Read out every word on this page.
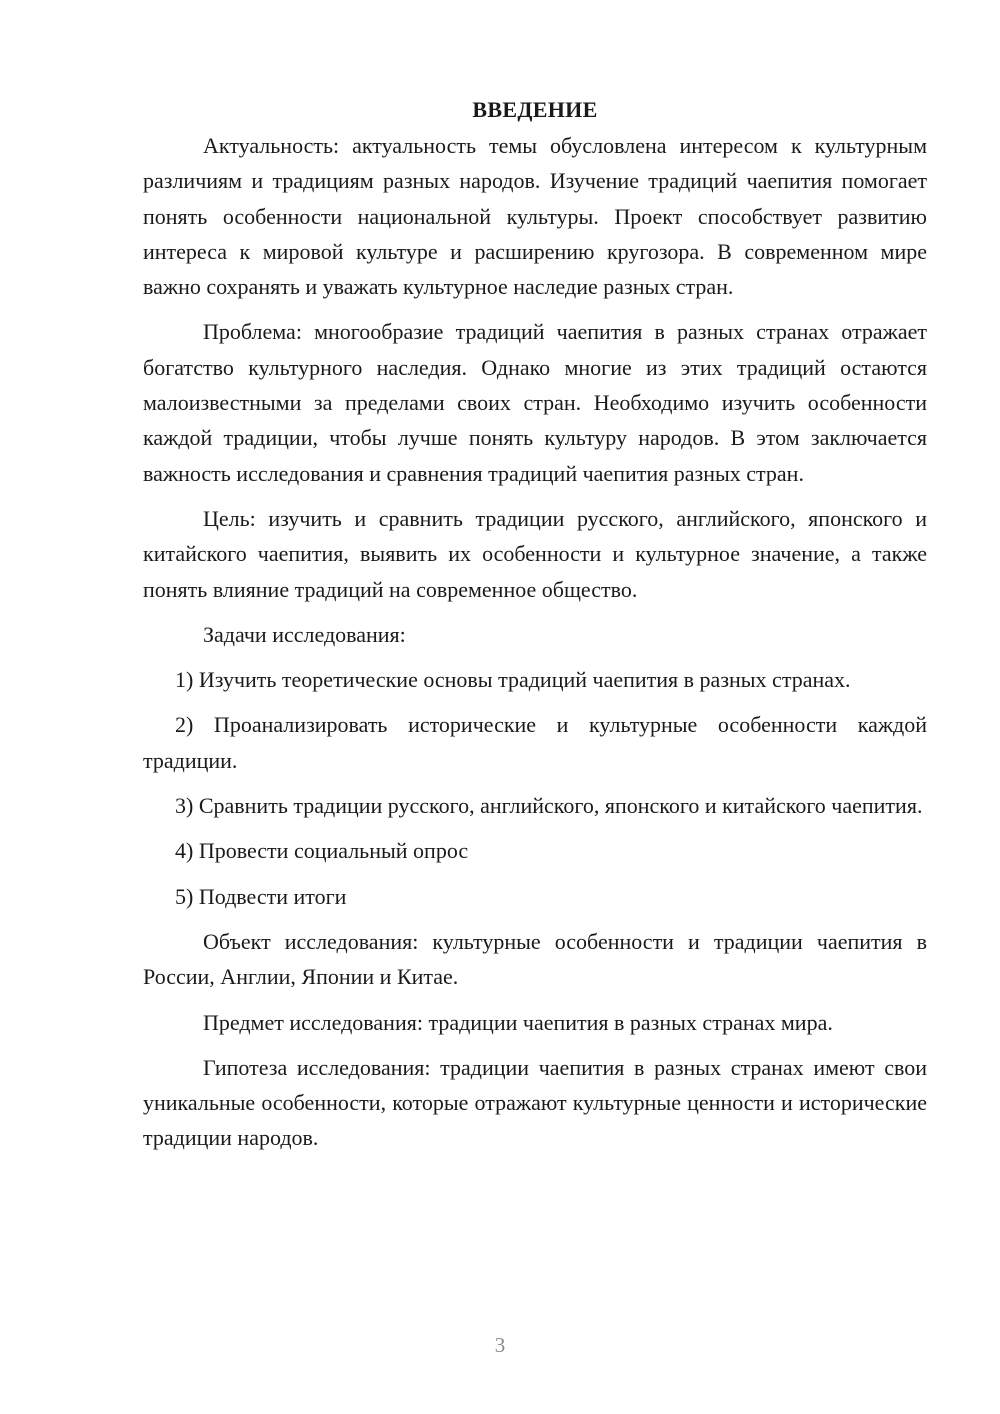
ВВЕДЕНИЕ

Актуальность: актуальность темы обусловлена интересом к культурным различиям и традициям разных народов. Изучение традиций чаепития помогает понять особенности национальной культуры. Проект способствует развитию интереса к мировой культуре и расширению кругозора. В современном мире важно сохранять и уважать культурное наследие разных стран.

Проблема: многообразие традиций чаепития в разных странах отражает богатство культурного наследия. Однако многие из этих традиций остаются малоизвестными за пределами своих стран. Необходимо изучить особенности каждой традиции, чтобы лучше понять культуру народов. В этом заключается важность исследования и сравнения традиций чаепития разных стран.

Цель: изучить и сравнить традиции русского, английского, японского и китайского чаепития, выявить их особенности и культурное значение, а также понять влияние традиций на современное общество.

Задачи исследования:

1) Изучить теоретические основы традиций чаепития в разных странах.

2) Проанализировать исторические и культурные особенности каждой традиции.

3) Сравнить традиции русского, английского, японского и китайского чаепития.

4) Провести социальный опрос

5) Подвести итоги

Объект исследования: культурные особенности и традиции чаепития в России, Англии, Японии и Китае.

Предмет исследования: традиции чаепития в разных странах мира.

Гипотеза исследования: традиции чаепития в разных странах имеют свои уникальные особенности, которые отражают культурные ценности и исторические традиции народов.

3
